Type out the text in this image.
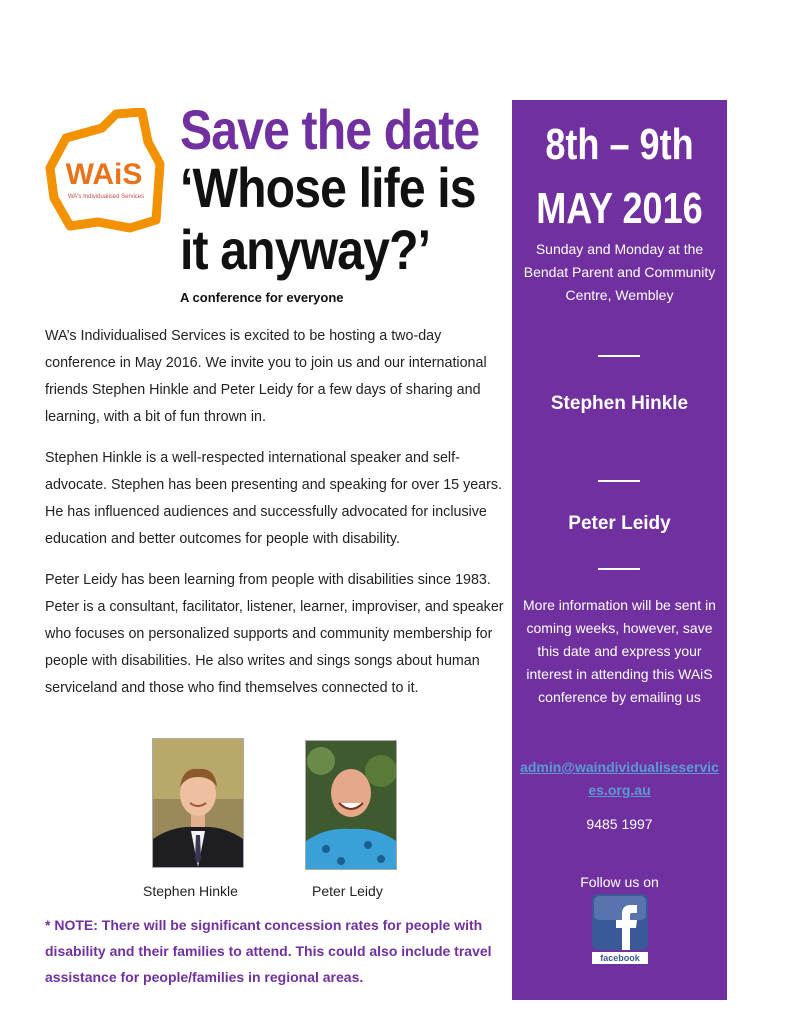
WAiS
WA's Individualised Services
Save the date
‘Whose life is
it anyway?’
A conference for everyone

WA’s Individualised Services is excited to be hosting a two-day conference in May 2016. We invite you to join us and our international friends Stephen Hinkle and Peter Leidy for a few days of sharing and learning, with a bit of fun thrown in.

Stephen Hinkle is a well-respected international speaker and self-advocate. Stephen has been presenting and speaking for over 15 years. He has influenced audiences and successfully advocated for inclusive education and better outcomes for people with disability.

Peter Leidy has been learning from people with disabilities since 1983. Peter is a consultant, facilitator, listener, learner, improviser, and speaker who focuses on personalized supports and community membership for people with disabilities. He also writes and sings songs about human serviceland and those who find themselves connected to it.

Stephen Hinkle	Peter Leidy
* NOTE: There will be significant concession rates for people with disability and their families to attend. This could also include travel assistance for people/families in regional areas.
8th – 9th
MAY 2016
Sunday and Monday at the Bendat Parent and Community Centre, Wembley
Stephen Hinkle
Peter Leidy
More information will be sent in coming weeks, however, save this date and express your interest in attending this WAiS conference by emailing us
admin@waindividualiseservices.org.au
9485 1997
Follow us on
facebook
